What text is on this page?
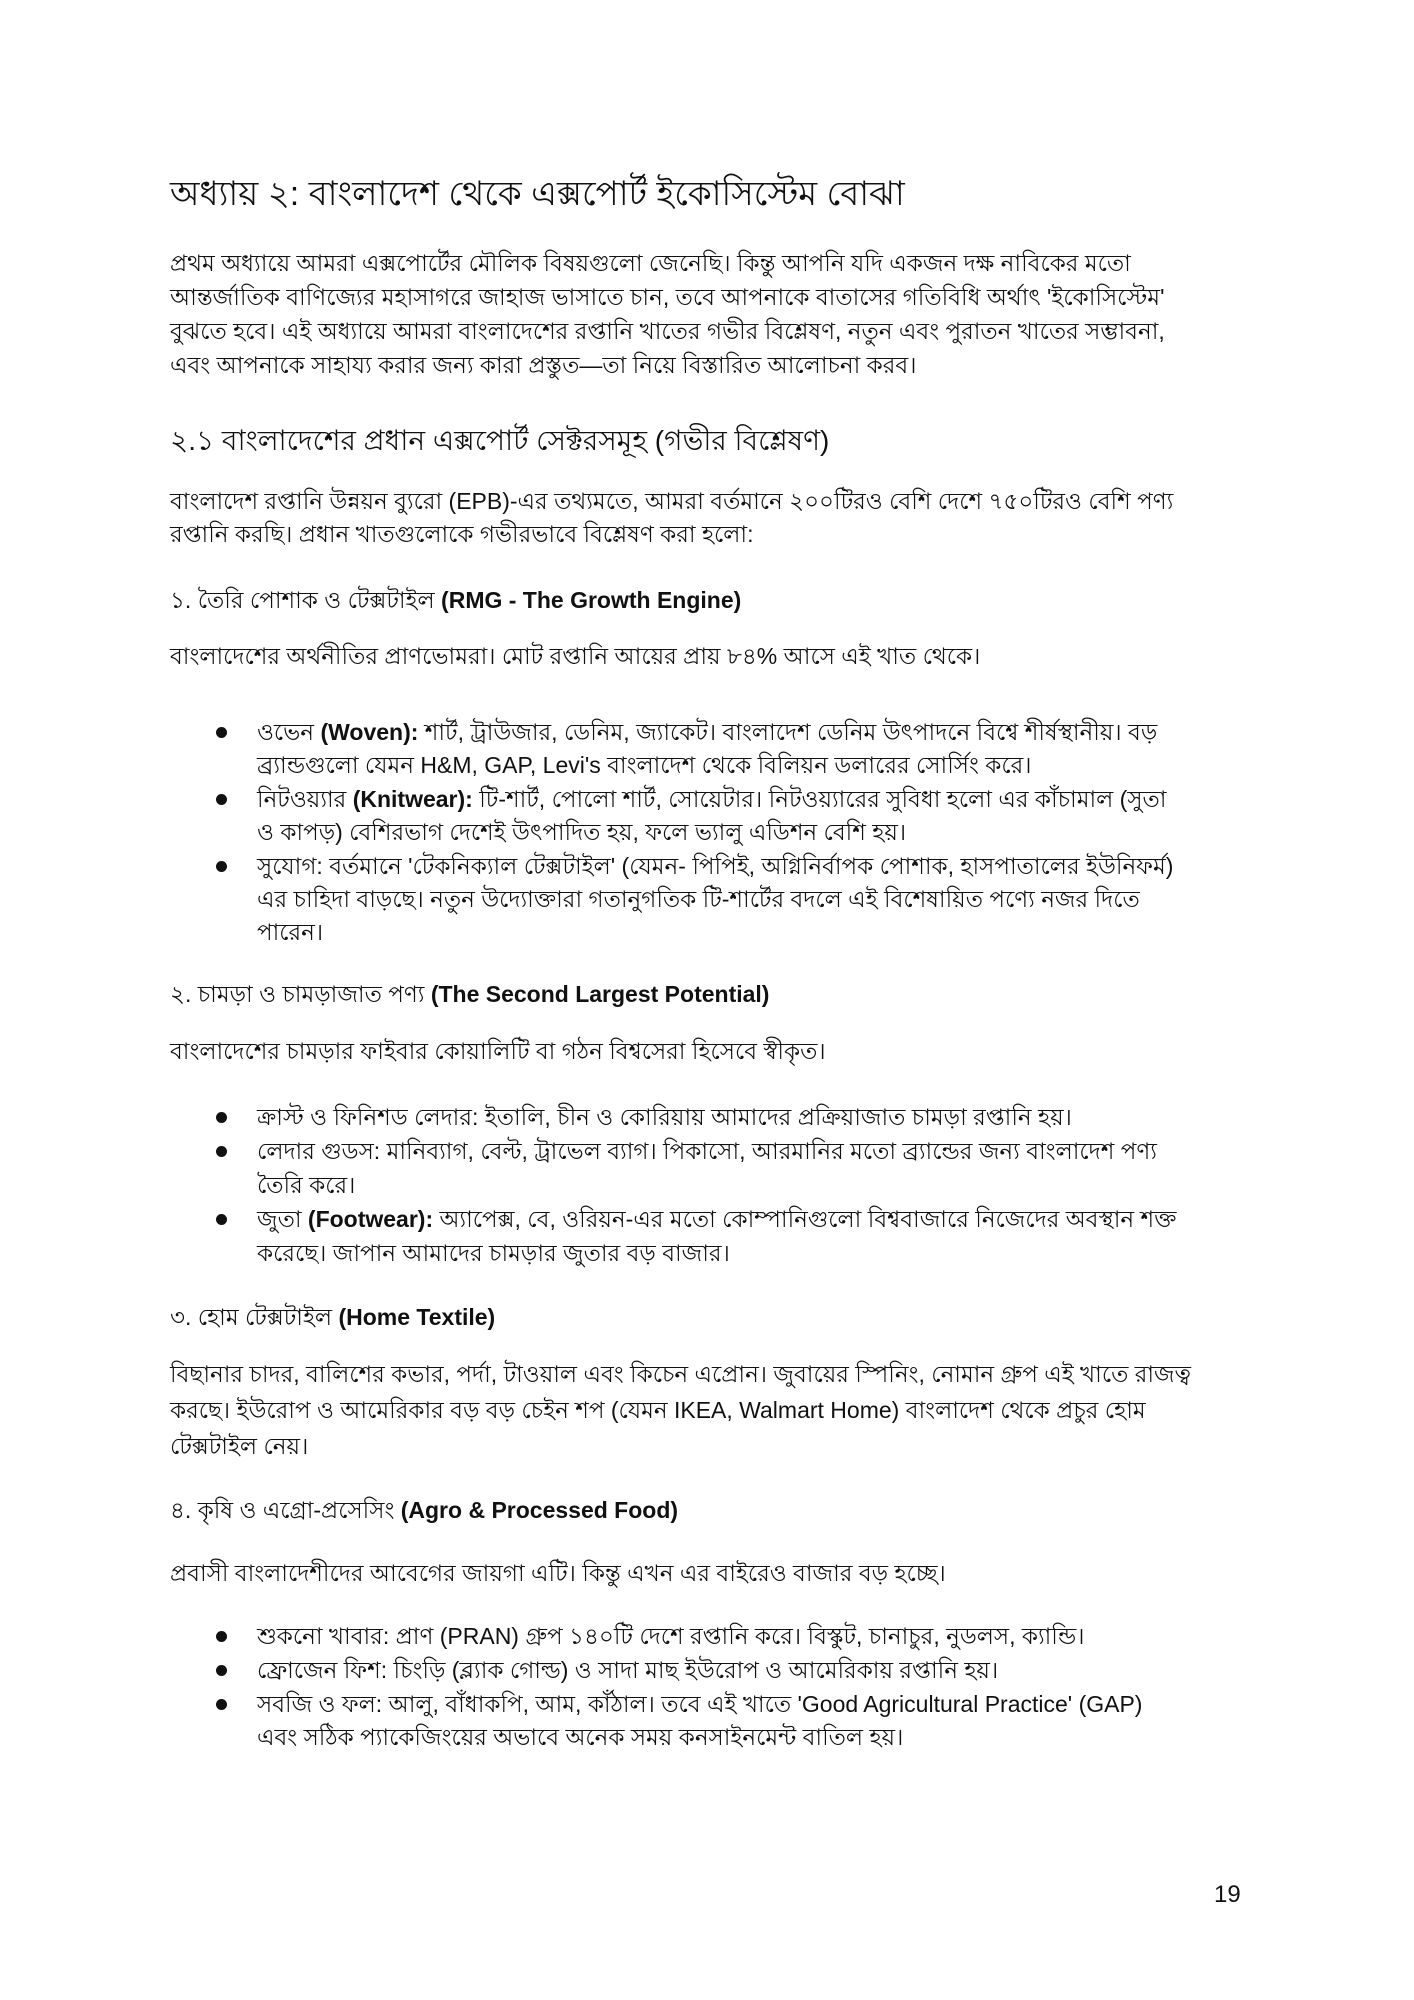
অধ্যায় ২: বাংলাদেশ থেকে এক্সপোর্ট ইকোসিস্টেম বোঝা
প্রথম অধ্যায়ে আমরা এক্সপোর্টের মৌলিক বিষয়গুলো জেনেছি। কিন্তু আপনি যদি একজন দক্ষ নাবিকের মতো
আন্তর্জাতিক বাণিজ্যের মহাসাগরে জাহাজ ভাসাতে চান, তবে আপনাকে বাতাসের গতিবিধি অর্থাৎ 'ইকোসিস্টেম'
বুঝতে হবে। এই অধ্যায়ে আমরা বাংলাদেশের রপ্তানি খাতের গভীর বিশ্লেষণ, নতুন এবং পুরাতন খাতের সম্ভাবনা,
এবং আপনাকে সাহায্য করার জন্য কারা প্রস্তুত—তা নিয়ে বিস্তারিত আলোচনা করব।
২.১ বাংলাদেশের প্রধান এক্সপোর্ট সেক্টরসমূহ (গভীর বিশ্লেষণ)
বাংলাদেশ রপ্তানি উন্নয়ন ব্যুরো (EPB)-এর তথ্যমতে, আমরা বর্তমানে ২০০টিরও বেশি দেশে ৭৫০টিরও বেশি পণ্য
রপ্তানি করছি। প্রধান খাতগুলোকে গভীরভাবে বিশ্লেষণ করা হলো:
১. তৈরি পোশাক ও টেক্সটাইল (RMG - The Growth Engine)
বাংলাদেশের অর্থনীতির প্রাণভোমরা। মোট রপ্তানি আয়ের প্রায় ৮৪% আসে এই খাত থেকে।
ওভেন (Woven): শার্ট, ট্রাউজার, ডেনিম, জ্যাকেট। বাংলাদেশ ডেনিম উৎপাদনে বিশ্বে শীর্ষস্থানীয়। বড়
ব্র্যান্ডগুলো যেমন H&M, GAP, Levi's বাংলাদেশ থেকে বিলিয়ন ডলারের সোর্সিং করে।
নিটওয়্যার (Knitwear): টি-শার্ট, পোলো শার্ট, সোয়েটার। নিটওয়্যারের সুবিধা হলো এর কাঁচামাল (সুতা
ও কাপড়) বেশিরভাগ দেশেই উৎপাদিত হয়, ফলে ভ্যালু এডিশন বেশি হয়।
সুযোগ: বর্তমানে 'টেকনিক্যাল টেক্সটাইল' (যেমন- পিপিই, অগ্নিনির্বাপক পোশাক, হাসপাতালের ইউনিফর্ম)
এর চাহিদা বাড়ছে। নতুন উদ্যোক্তারা গতানুগতিক টি-শার্টের বদলে এই বিশেষায়িত পণ্যে নজর দিতে
পারেন।
২. চামড়া ও চামড়াজাত পণ্য (The Second Largest Potential)
বাংলাদেশের চামড়ার ফাইবার কোয়ালিটি বা গঠন বিশ্বসেরা হিসেবে স্বীকৃত।
ক্রাস্ট ও ফিনিশড লেদার: ইতালি, চীন ও কোরিয়ায় আমাদের প্রক্রিয়াজাত চামড়া রপ্তানি হয়।
লেদার গুডস: মানিব্যাগ, বেল্ট, ট্রাভেল ব্যাগ। পিকাসো, আরমানির মতো ব্র্যান্ডের জন্য বাংলাদেশ পণ্য
তৈরি করে।
জুতা (Footwear): অ্যাপেক্স, বে, ওরিয়ন-এর মতো কোম্পানিগুলো বিশ্ববাজারে নিজেদের অবস্থান শক্ত
করেছে। জাপান আমাদের চামড়ার জুতার বড় বাজার।
৩. হোম টেক্সটাইল (Home Textile)
বিছানার চাদর, বালিশের কভার, পর্দা, টাওয়াল এবং কিচেন এপ্রোন। জুবায়ের স্পিনিং, নোমান গ্রুপ এই খাতে রাজত্ব
করছে। ইউরোপ ও আমেরিকার বড় বড় চেইন শপ (যেমন IKEA, Walmart Home) বাংলাদেশ থেকে প্রচুর হোম
টেক্সটাইল নেয়।
৪. কৃষি ও এগ্রো-প্রসেসিং (Agro & Processed Food)
প্রবাসী বাংলাদেশীদের আবেগের জায়গা এটি। কিন্তু এখন এর বাইরেও বাজার বড় হচ্ছে।
শুকনো খাবার: প্রাণ (PRAN) গ্রুপ ১৪০টি দেশে রপ্তানি করে। বিস্কুট, চানাচুর, নুডলস, ক্যান্ডি।
ফ্রোজেন ফিশ: চিংড়ি (ব্ল্যাক গোল্ড) ও সাদা মাছ ইউরোপ ও আমেরিকায় রপ্তানি হয়।
সবজি ও ফল: আলু, বাঁধাকপি, আম, কাঁঠাল। তবে এই খাতে 'Good Agricultural Practice' (GAP)
এবং সঠিক প্যাকেজিংয়ের অভাবে অনেক সময় কনসাইনমেন্ট বাতিল হয়।
19
